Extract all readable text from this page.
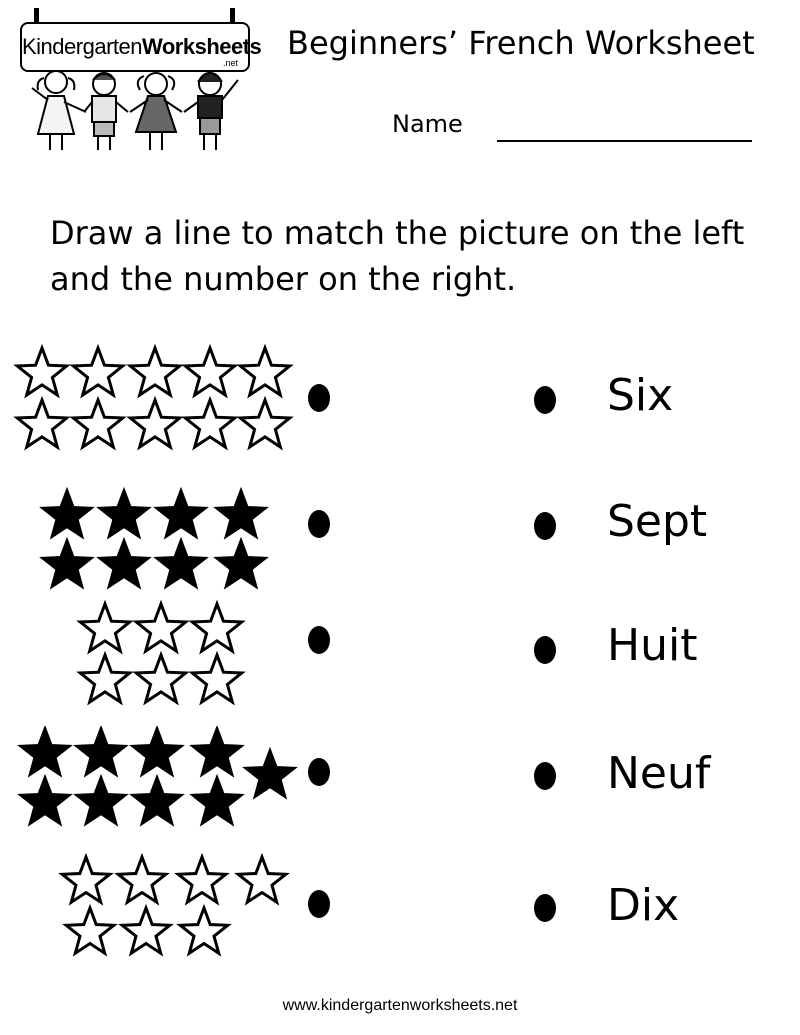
KindergartenWorksheets
.net
Beginners’ French Worksheet
Name
Draw a line to match the picture on the left
and the number on the right.
Six
Sept
Huit
Neuf
Dix
www.kindergartenworksheets.net
